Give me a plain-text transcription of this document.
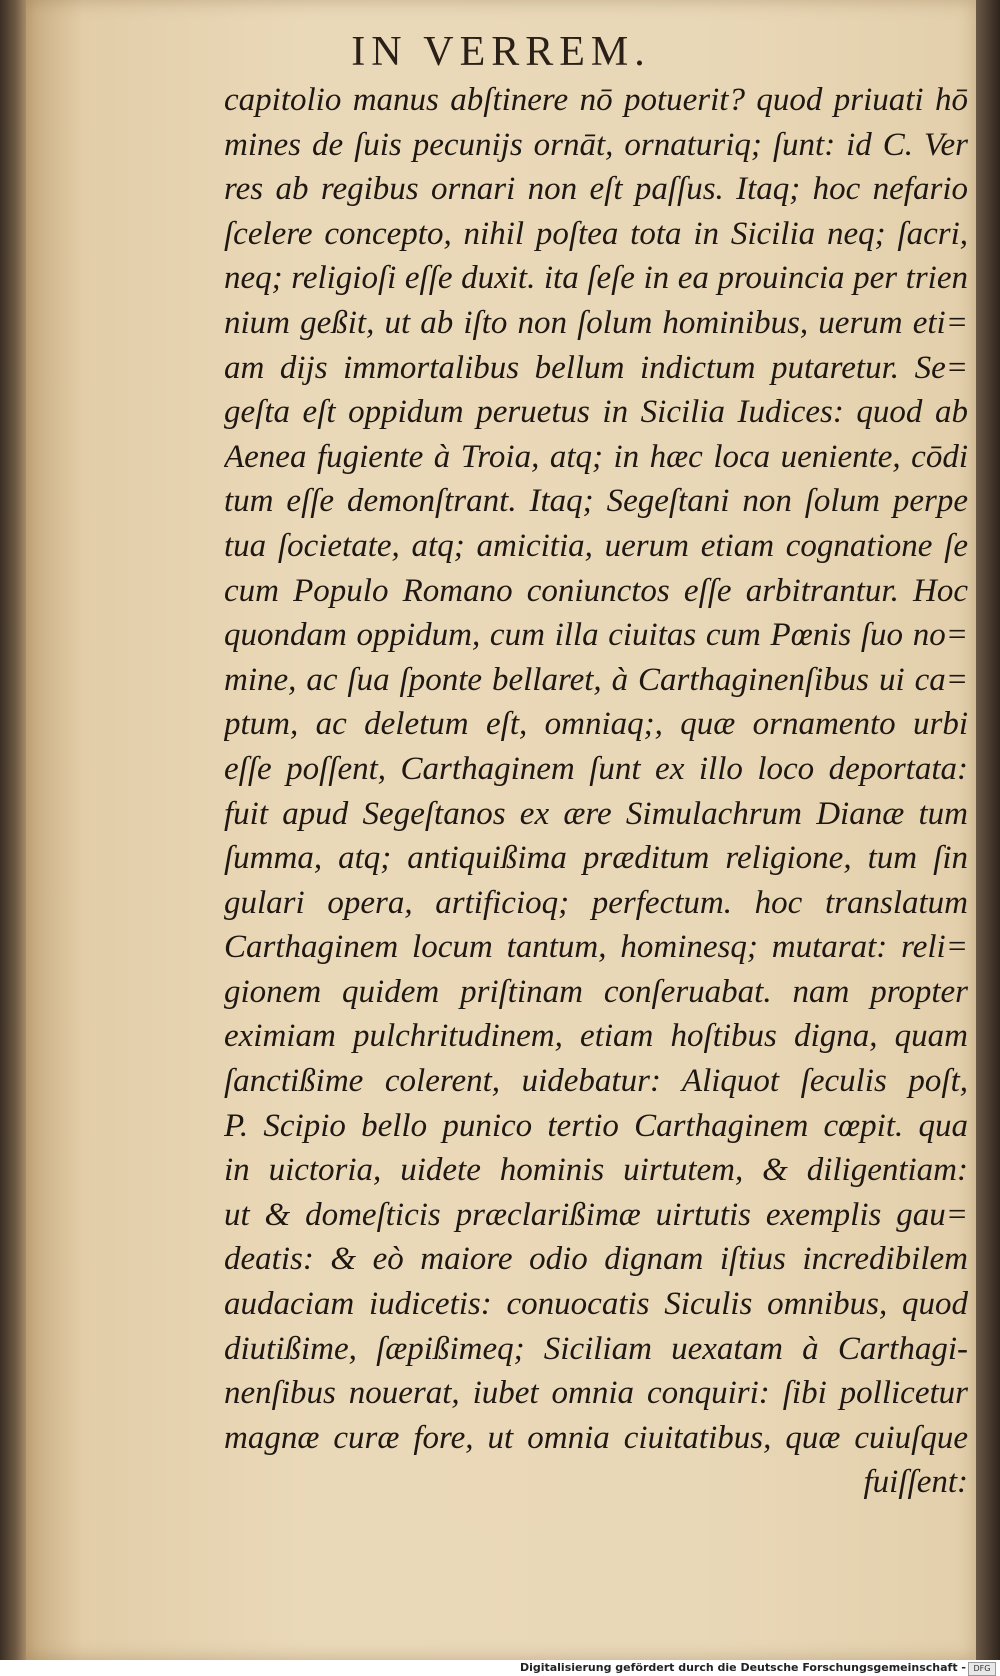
IN VERREM.
capitolio manus abſtinere nō potuerit? quod priuati hō
mines de ſuis pecunijs ornāt, ornaturiq; ſunt: id C. Ver
res ab regibus ornari non eſt paſſus. Itaq; hoc nefario
ſcelere concepto, nihil poſtea tota in Sicilia neq; ſacri,
neq; religioſi eſſe duxit. ita ſeſe in ea prouincia per trien
nium geßit, ut ab iſto non ſolum hominibus, uerum eti=
am dijs immortalibus bellum indictum putaretur. Se=
geſta eſt oppidum peruetus in Sicilia Iudices: quod ab
Aenea fugiente à Troia, atq; in hæc loca ueniente, cōdi
tum eſſe demonſtrant. Itaq; Segeſtani non ſolum perpe
tua ſocietate, atq; amicitia, uerum etiam cognatione ſe
cum Populo Romano coniunctos eſſe arbitrantur. Hoc
quondam oppidum, cum illa ciuitas cum Pœnis ſuo no=
mine, ac ſua ſponte bellaret, à Carthaginenſibus ui ca=
ptum, ac deletum eſt, omniaq;, quæ ornamento urbi
eſſe poſſent, Carthaginem ſunt ex illo loco deportata:
fuit apud Segeſtanos ex ære Simulachrum Dianæ tum
ſumma, atq; antiquißima præditum religione, tum ſin
gulari opera, artificioq; perfectum. hoc translatum
Carthaginem locum tantum, hominesq; mutarat: reli=
gionem quidem priſtinam conſeruabat. nam propter
eximiam pulchritudinem, etiam hoſtibus digna, quam
ſanctißime colerent, uidebatur: Aliquot ſeculis poſt,
P. Scipio bello punico tertio Carthaginem cœpit. qua
in uictoria, uidete hominis uirtutem, & diligentiam:
ut & domeſticis præclarißimæ uirtutis exemplis gau=
deatis: & eò maiore odio dignam iſtius incredibilem
audaciam iudicetis: conuocatis Siculis omnibus, quod
diutißime, ſæpißimeq; Siciliam uexatam à Carthagi-
nenſibus nouerat, iubet omnia conquiri: ſibi pollicetur
magnæ curæ fore, ut omnia ciuitatibus, quæ cuiuſque
fuiſſent:
Digitalisierung gefördert durch die Deutsche Forschungsgemeinschaft - DFG
